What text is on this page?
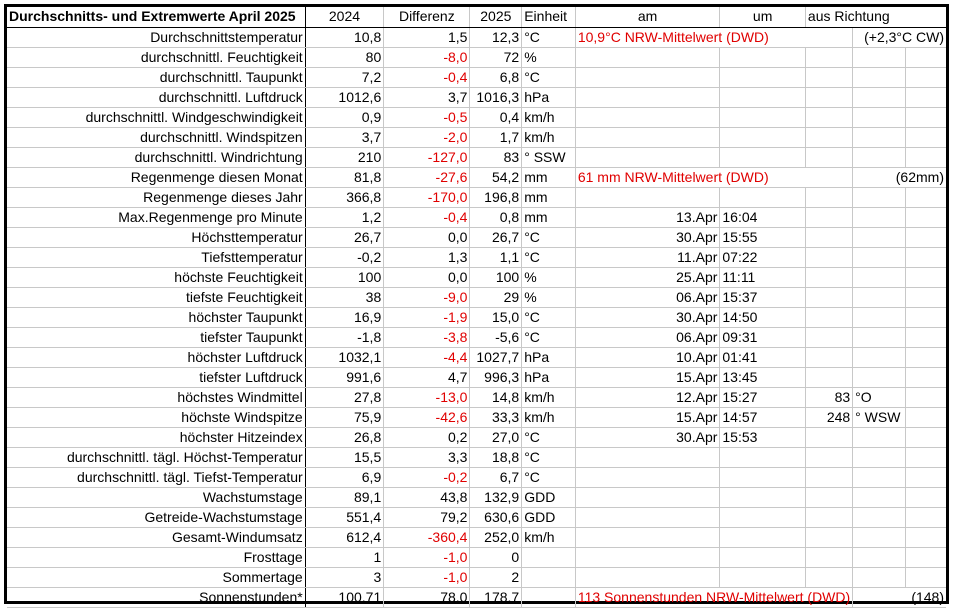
Durchschnitts- und Extremwerte April 2025	2024	Differenz	2025	Einheit	am	um	aus Richtung		
Durchschnittstemperatur	10,8	1,5	12,3	°C	10,9°C NRW-Mittelwert (DWD)			(+2,3°C CW)	
durchschnittl. Feuchtigkeit	80	-8,0	72	%					
durchschnittl. Taupunkt	7,2	-0,4	6,8	°C					
durchschnittl. Luftdruck	1012,6	3,7	1016,3	hPa					
durchschnittl. Windgeschwindigkeit	0,9	-0,5	0,4	km/h					
durchschnittl. Windspitzen	3,7	-2,0	1,7	km/h					
durchschnittl. Windrichtung	210	-127,0	83	° SSW					
Regenmenge diesen Monat	81,8	-27,6	54,2	mm	61 mm NRW-Mittelwert (DWD)			(62mm)	
Regenmenge dieses Jahr	366,8	-170,0	196,8	mm					
Max.Regenmenge pro Minute	1,2	-0,4	0,8	mm	13.Apr	16:04			
Höchsttemperatur	26,7	0,0	26,7	°C	30.Apr	15:55			
Tiefsttemperatur	-0,2	1,3	1,1	°C	11.Apr	07:22			
höchste Feuchtigkeit	100	0,0	100	%	25.Apr	11:11			
tiefste Feuchtigkeit	38	-9,0	29	%	06.Apr	15:37			
höchster Taupunkt	16,9	-1,9	15,0	°C	30.Apr	14:50			
tiefster Taupunkt	-1,8	-3,8	-5,6	°C	06.Apr	09:31			
höchster Luftdruck	1032,1	-4,4	1027,7	hPa	10.Apr	01:41			
tiefster Luftdruck	991,6	4,7	996,3	hPa	15.Apr	13:45			
höchstes Windmittel	27,8	-13,0	14,8	km/h	12.Apr	15:27	83	°O	
höchste Windspitze	75,9	-42,6	33,3	km/h	15.Apr	14:57	248	° WSW	
höchster Hitzeindex	26,8	0,2	27,0	°C	30.Apr	15:53			
durchschnittl. tägl. Höchst-Temperatur	15,5	3,3	18,8	°C					
durchschnittl. tägl. Tiefst-Temperatur	6,9	-0,2	6,7	°C					
Wachstumstage	89,1	43,8	132,9	GDD					
Getreide-Wachstumstage	551,4	79,2	630,6	GDD					
Gesamt-Windumsatz	612,4	-360,4	252,0	km/h					
Frosttage	1	-1,0	0						
Sommertage	3	-1,0	2						
Sonnenstunden*	100,71	78,0	178,7		113 Sonnenstunden NRW-Mittelwert (DWD)			(148)	
